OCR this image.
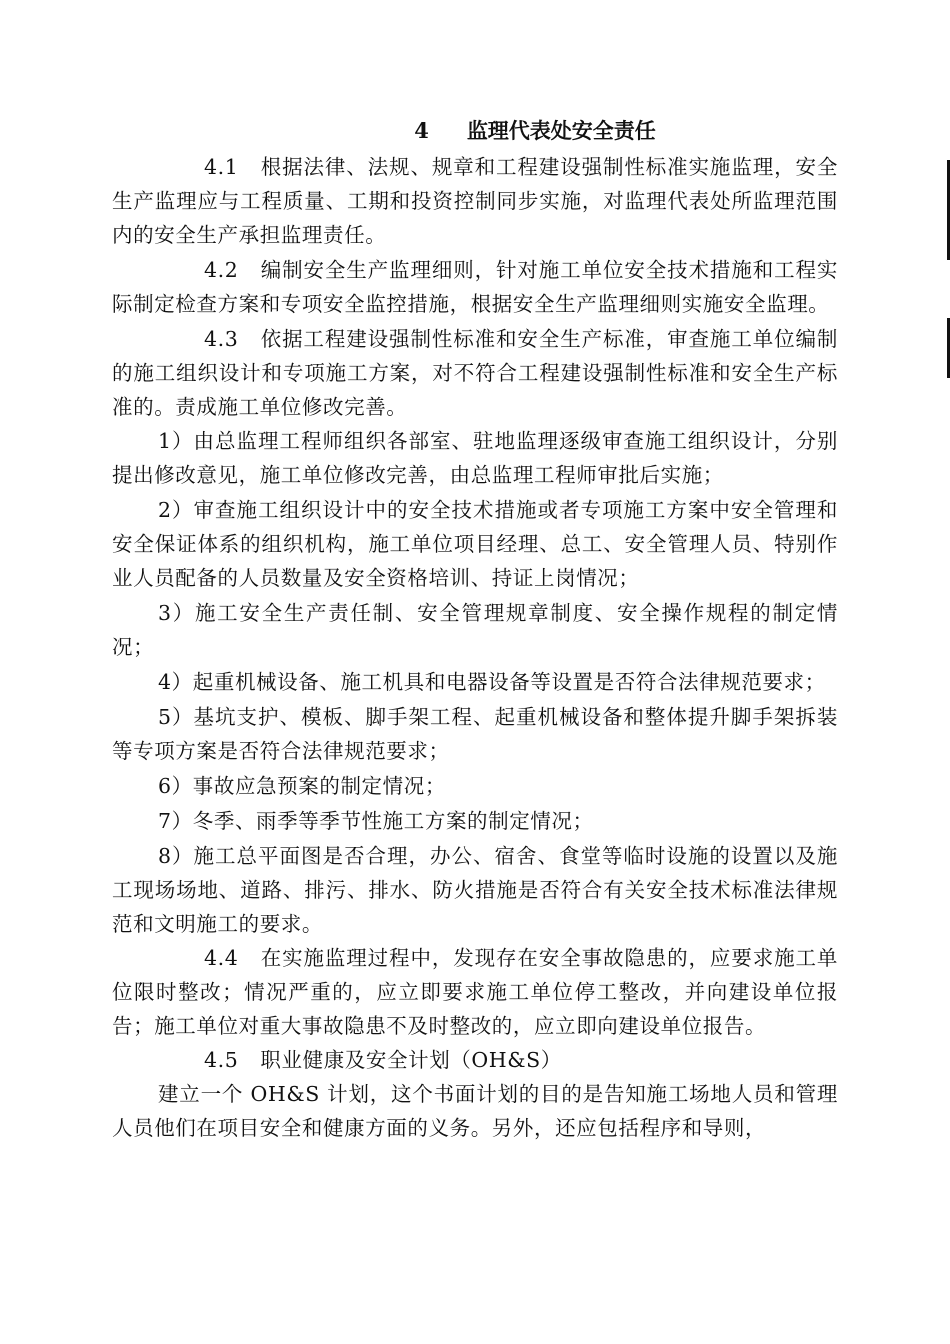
4 监理代表处安全责任

4.1 根据法律、法规、规章和工程建设强制性标准实施监理，安全生产监理应与工程质量、工期和投资控制同步实施，对监理代表处所监理范围内的安全生产承担监理责任。

4.2 编制安全生产监理细则，针对施工单位安全技术措施和工程实际制定检查方案和专项安全监控措施，根据安全生产监理细则实施安全监理。

4.3 依据工程建设强制性标准和安全生产标准，审查施工单位编制的施工组织设计和专项施工方案，对不符合工程建设强制性标准和安全生产标准的。责成施工单位修改完善。

1）由总监理工程师组织各部室、驻地监理逐级审查施工组织设计，分别提出修改意见，施工单位修改完善，由总监理工程师审批后实施；

2）审查施工组织设计中的安全技术措施或者专项施工方案中安全管理和安全保证体系的组织机构，施工单位项目经理、总工、安全管理人员、特别作业人员配备的人员数量及安全资格培训、持证上岗情况；

3）施工安全生产责任制、安全管理规章制度、安全操作规程的制定情况；

4）起重机械设备、施工机具和电器设备等设置是否符合法律规范要求；

5）基坑支护、模板、脚手架工程、起重机械设备和整体提升脚手架拆装等专项方案是否符合法律规范要求；

6）事故应急预案的制定情况；

7）冬季、雨季等季节性施工方案的制定情况；

8）施工总平面图是否合理，办公、宿舍、食堂等临时设施的设置以及施工现场场地、道路、排污、排水、防火措施是否符合有关安全技术标准法律规范和文明施工的要求。

4.4 在实施监理过程中，发现存在安全事故隐患的，应要求施工单位限时整改；情况严重的，应立即要求施工单位停工整改，并向建设单位报告；施工单位对重大事故隐患不及时整改的，应立即向建设单位报告。

4.5 职业健康及安全计划（OH&S）

建立一个 OH&S 计划，这个书面计划的目的是告知施工场地人员和管理人员他们在项目安全和健康方面的义务。另外，还应包括程序和导则，
